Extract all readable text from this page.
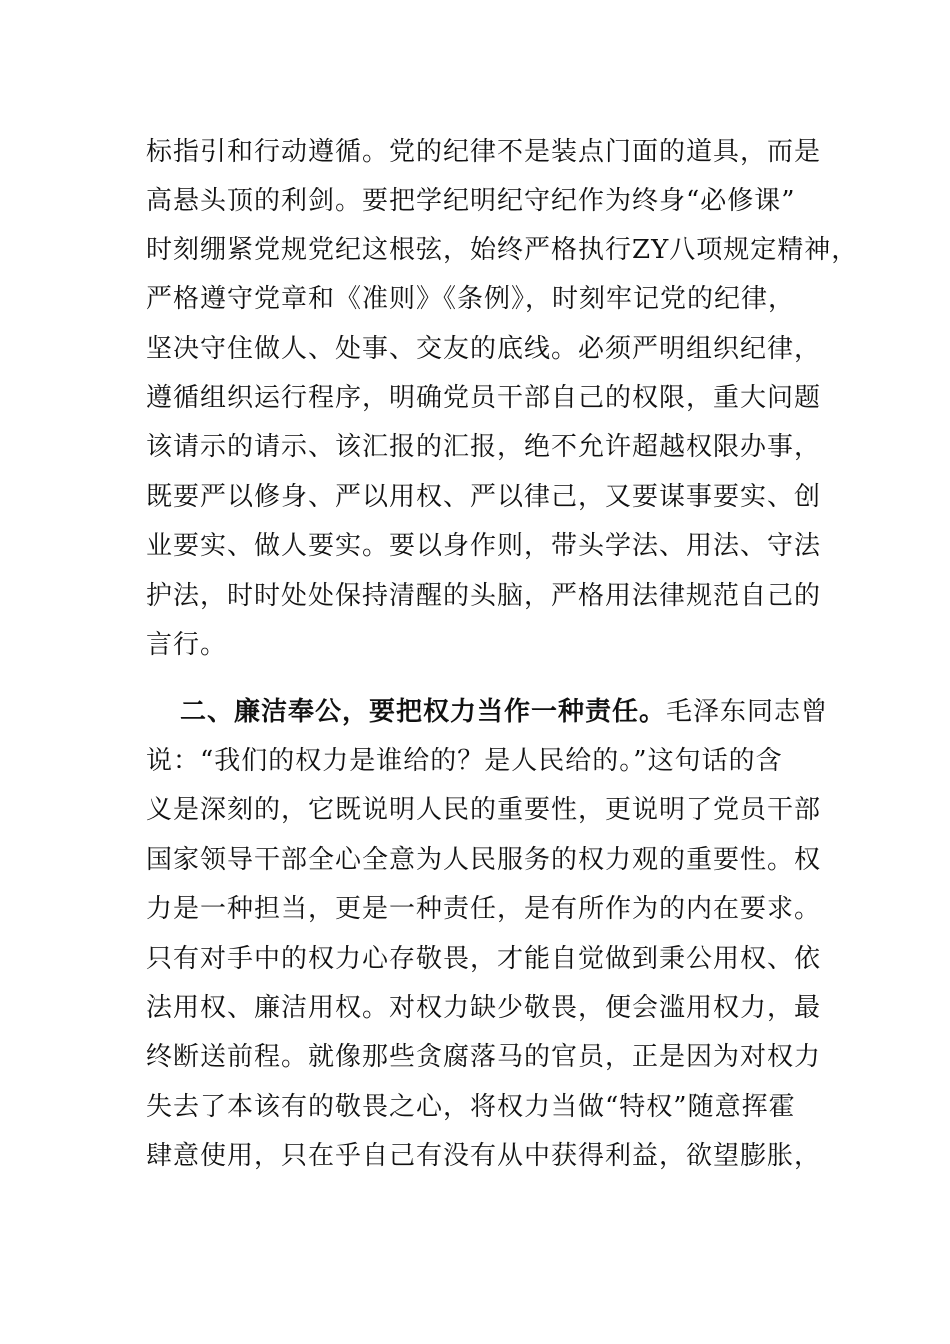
标指引和行动遵循。党的纪律不是装点门面的道具，而是
高悬头顶的利剑。要把学纪明纪守纪作为终身“必修课”
时刻绷紧党规党纪这根弦，始终严格执行ZY八项规定精神，
严格遵守党章和《准则》《条例》，时刻牢记党的纪律，
坚决守住做人、处事、交友的底线。必须严明组织纪律，
遵循组织运行程序，明确党员干部自己的权限，重大问题
该请示的请示、该汇报的汇报，绝不允许超越权限办事，
既要严以修身、严以用权、严以律己，又要谋事要实、创
业要实、做人要实。要以身作则，带头学法、用法、守法
护法，时时处处保持清醒的头脑，严格用法律规范自己的
言行。
二、廉洁奉公，要把权力当作一种责任。毛泽东同志曾
说：“我们的权力是谁给的？是人民给的。”这句话的含
义是深刻的，它既说明人民的重要性，更说明了党员干部
国家领导干部全心全意为人民服务的权力观的重要性。权
力是一种担当，更是一种责任，是有所作为的内在要求。
只有对手中的权力心存敬畏，才能自觉做到秉公用权、依
法用权、廉洁用权。对权力缺少敬畏，便会滥用权力，最
终断送前程。就像那些贪腐落马的官员，正是因为对权力
失去了本该有的敬畏之心，将权力当做“特权”随意挥霍
肆意使用，只在乎自己有没有从中获得利益，欲望膨胀，
